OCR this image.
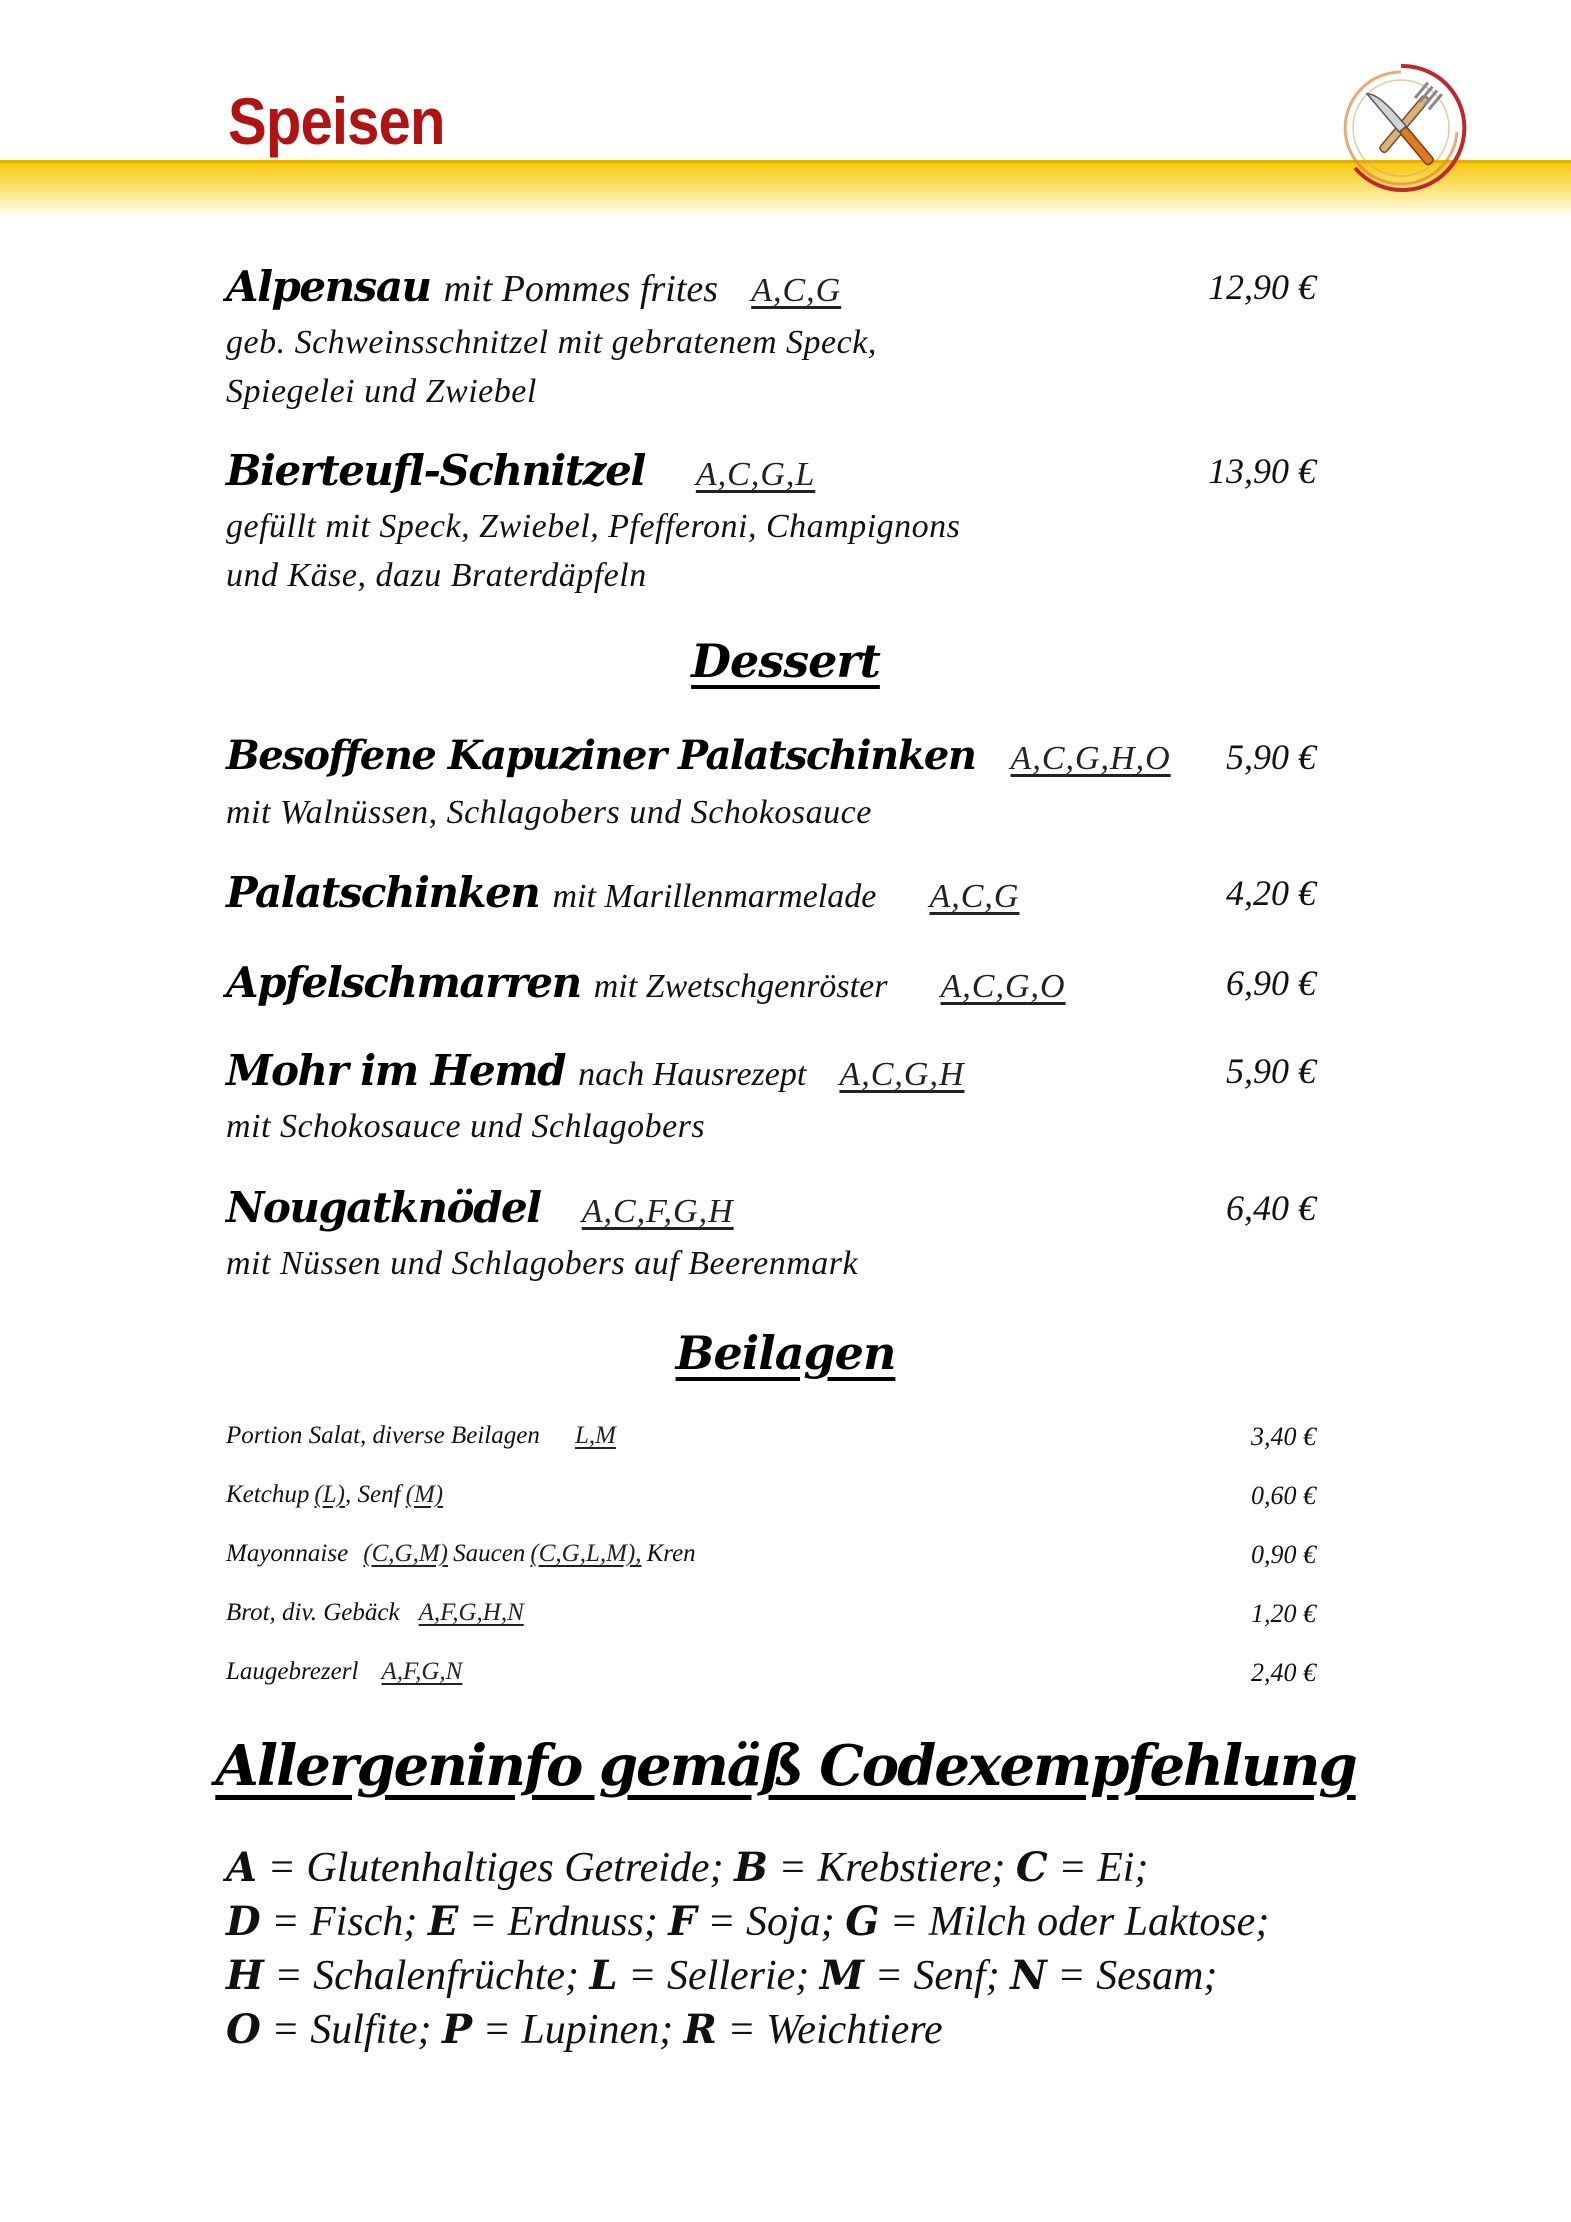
Speisen
Alpensau mit Pommes frites A,C,G	12,90 €
geb. Schweinsschnitzel mit gebratenem Speck,
Spiegelei und Zwiebel
Bierteufl-Schnitzel A,C,G,L	13,90 €
gefüllt mit Speck, Zwiebel, Pfefferoni, Champignons
und Käse, dazu Braterdäpfeln
Dessert
Besoffene Kapuziner Palatschinken A,C,G,H,O 5,90 €
mit Walnüssen, Schlagobers und Schokosauce
Palatschinken mit Marillenmarmelade A,C,G	4,20 €
Apfelschmarren mit Zwetschgenröster A,C,G,O	6,90 €
Mohr im Hemd nach Hausrezept A,C,G,H	5,90 €
mit Schokosauce und Schlagobers
Nougatknödel A,C,F,G,H	6,40 €
mit Nüssen und Schlagobers auf Beerenmark
Beilagen
Portion Salat, diverse Beilagen L,M	3,40 €
Ketchup (L), Senf (M)	0,60 €
Mayonnaise (C,G,M) Saucen (C,G,L,M), Kren	0,90 €
Brot, div. Gebäck A,F,G,H,N	1,20 €
Laugebrezerl A,F,G,N	2,40 €
Allergeninfo gemäß Codexempfehlung
A = Glutenhaltiges Getreide; B = Krebstiere; C = Ei;
D = Fisch; E = Erdnuss; F = Soja; G = Milch oder Laktose;
H = Schalenfrüchte; L = Sellerie; M = Senf; N = Sesam;
O = Sulfite; P = Lupinen; R = Weichtiere
